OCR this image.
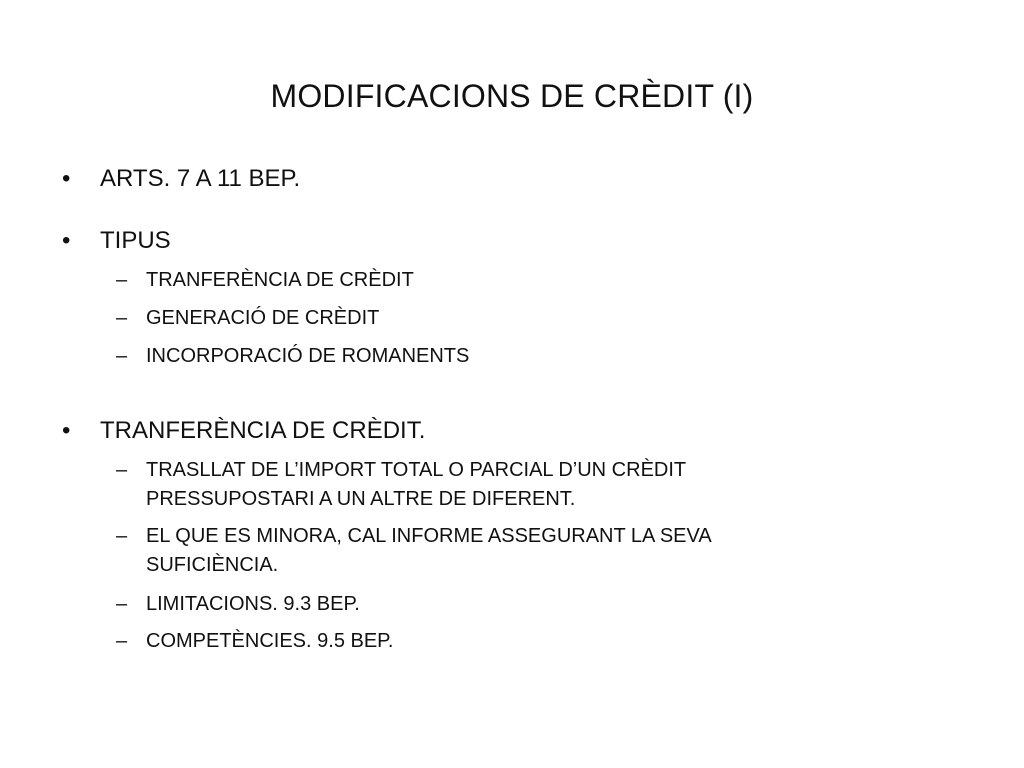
MODIFICACIONS DE CRÈDIT (I)
• ARTS. 7 A 11 BEP.
• TIPUS
– TRANFERÈNCIA DE CRÈDIT
– GENERACIÓ DE CRÈDIT
– INCORPORACIÓ DE ROMANENTS
• TRANFERÈNCIA DE CRÈDIT.
– TRASLLAT DE L’IMPORT TOTAL O PARCIAL D’UN CRÈDIT
PRESSUPOSTARI A UN ALTRE DE DIFERENT.
– EL QUE ES MINORA, CAL INFORME ASSEGURANT LA SEVA
SUFICIÈNCIA.
– LIMITACIONS. 9.3 BEP.
– COMPETÈNCIES. 9.5 BEP.
